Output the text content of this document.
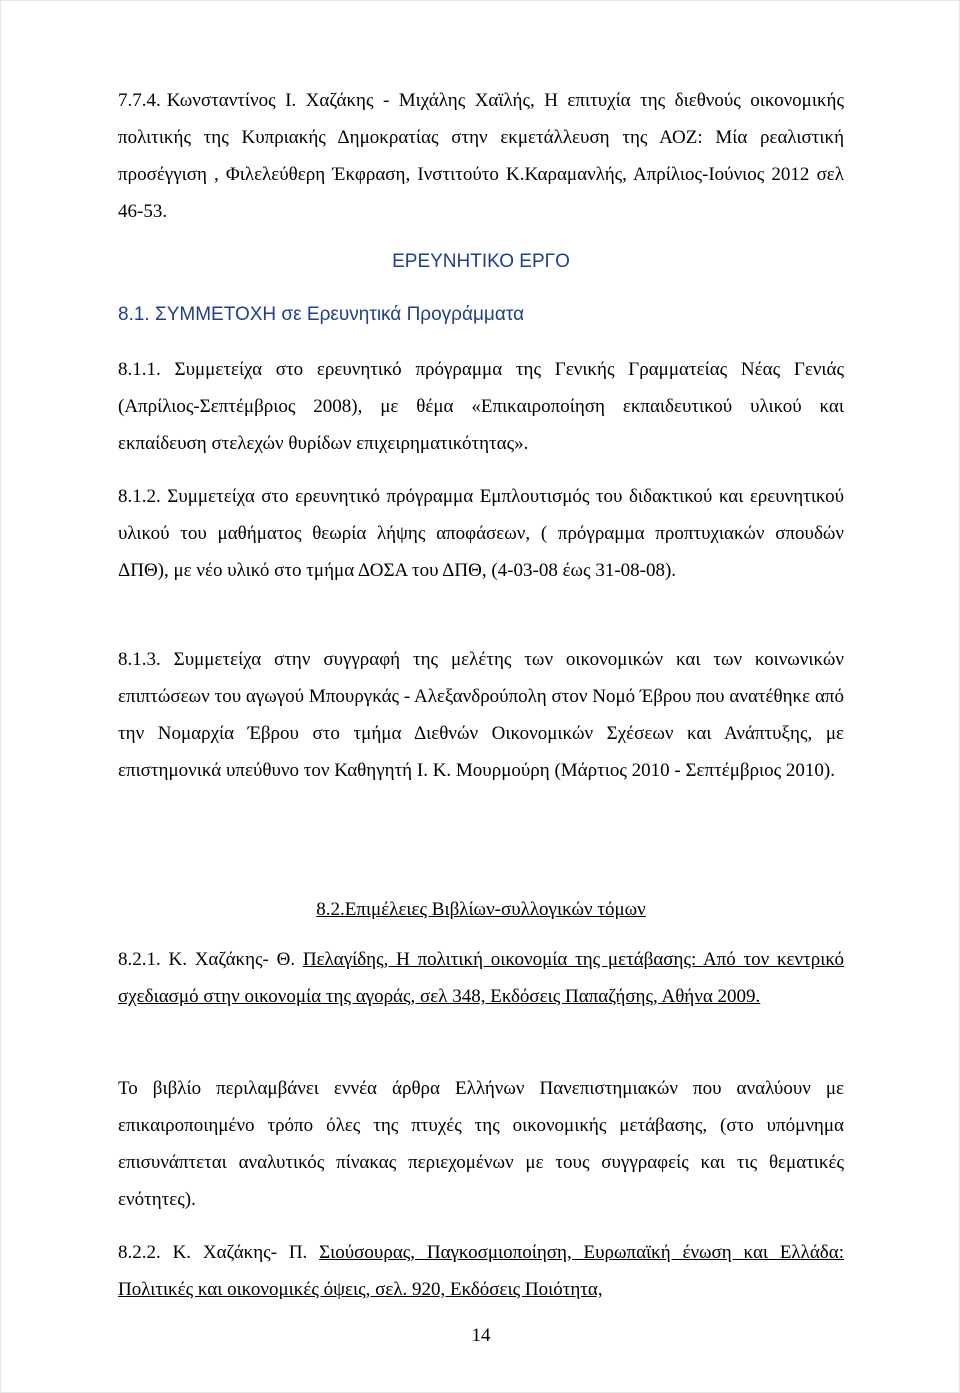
7.7.4. Κωνσταντίνος Ι. Χαζάκης - Μιχάλης Χαϊλής, Η επιτυχία της διεθνούς οικονομικής πολιτικής της Κυπριακής Δημοκρατίας στην εκμετάλλευση της ΑΟΖ: Μία ρεαλιστική προσέγγιση , Φιλελεύθερη Έκφραση, Ινστιτούτο Κ.Καραμανλής, Απρίλιος-Ιούνιος 2012 σελ 46-53.
ΕΡΕΥΝΗΤΙΚΟ ΕΡΓΟ
8.1. ΣΥΜΜΕΤΟΧΗ σε Ερευνητικά Προγράμματα
8.1.1. Συμμετείχα στο ερευνητικό πρόγραμμα της Γενικής Γραμματείας Νέας Γενιάς (Απρίλιος-Σεπτέμβριος 2008), με θέμα «Επικαιροποίηση εκπαιδευτικού υλικού και εκπαίδευση στελεχών θυρίδων επιχειρηματικότητας».
8.1.2. Συμμετείχα στο ερευνητικό πρόγραμμα Εμπλουτισμός του διδακτικού και ερευνητικού υλικού του μαθήματος θεωρία λήψης αποφάσεων, ( πρόγραμμα προπτυχιακών σπουδών ΔΠΘ), με νέο υλικό στο τμήμα ΔΟΣΑ του ΔΠΘ, (4-03-08 έως 31-08-08).
8.1.3. Συμμετείχα στην συγγραφή της μελέτης των οικονομικών και των κοινωνικών επιπτώσεων του αγωγού Μπουργκάς - Αλεξανδρούπολη στον Νομό Έβρου που ανατέθηκε από την Νομαρχία Έβρου στο τμήμα Διεθνών Οικονομικών Σχέσεων και Ανάπτυξης, με επιστημονικά υπεύθυνο τον Καθηγητή Ι. Κ. Μουρμούρη (Μάρτιος 2010 - Σεπτέμβριος 2010).
8.2.Επιμέλειες Βιβλίων-συλλογικών τόμων
8.2.1. Κ. Χαζάκης- Θ. Πελαγίδης, Η πολιτική οικονομία της μετάβασης: Από τον κεντρικό σχεδιασμό στην οικονομία της αγοράς, σελ 348, Εκδόσεις Παπαζήσης, Αθήνα 2009.
Το βιβλίο περιλαμβάνει εννέα άρθρα Ελλήνων Πανεπιστημιακών που αναλύουν με επικαιροποιημένο τρόπο όλες της πτυχές της οικονομικής μετάβασης, (στο υπόμνημα επισυνάπτεται αναλυτικός πίνακας περιεχομένων με τους συγγραφείς και τις θεματικές ενότητες).
8.2.2. Κ. Χαζάκης- Π. Σιούσουρας, Παγκοσμιοποίηση, Ευρωπαϊκή ένωση και Ελλάδα: Πολιτικές και οικονομικές όψεις, σελ. 920, Εκδόσεις Ποιότητα,
14
